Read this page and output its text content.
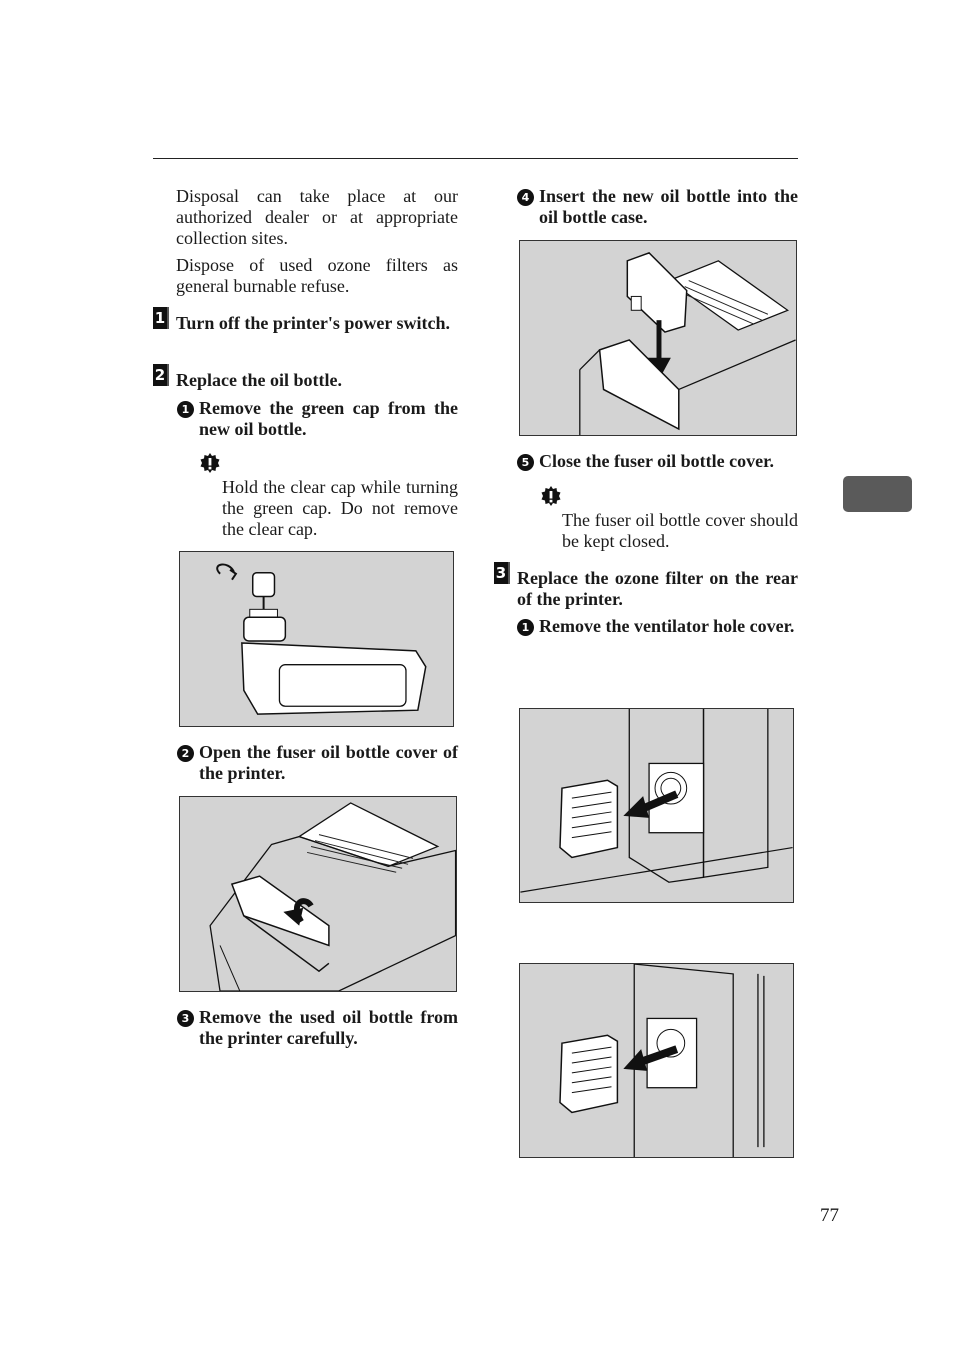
Disposal can take place at our authorized dealer or at appropriate collection sites.
Dispose of used ozone filters as general burnable refuse.
1 Turn off the printer's power switch.
2 Replace the oil bottle.
1 Remove the green cap from the new oil bottle.
Hold the clear cap while turning the green cap. Do not remove the clear cap.
2 Open the fuser oil bottle cover of the printer.
3 Remove the used oil bottle from the printer carefully.
4 Insert the new oil bottle into the oil bottle case.
5 Close the fuser oil bottle cover.
The fuser oil bottle cover should be kept closed.
3 Replace the ozone filter on the rear of the printer.
1 Remove the ventilator hole cover.
77
